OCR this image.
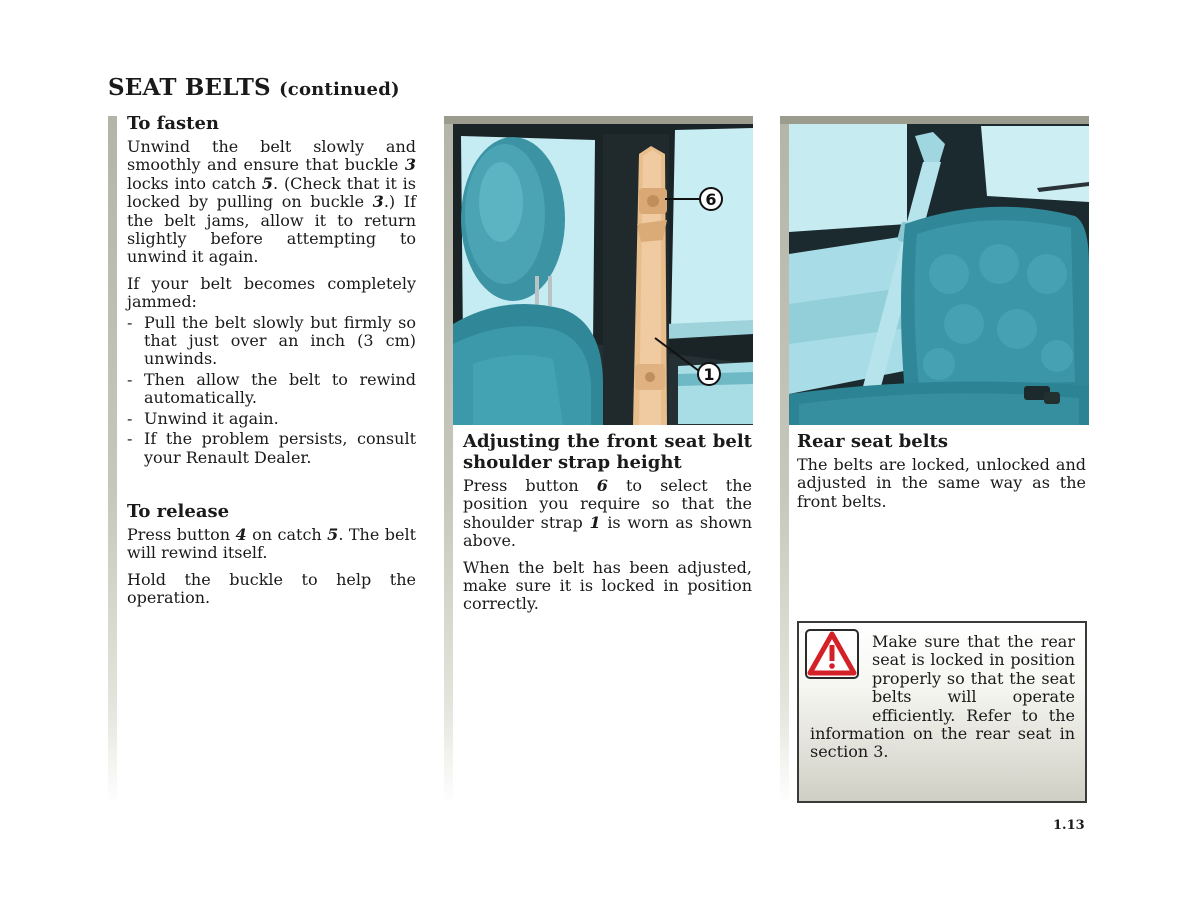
SEAT BELTS (continued)
To fasten

Unwind the belt slowly and smoothly and ensure that buckle 3 locks into catch 5. (Check that it is locked by pulling on buckle 3.) If the belt jams, allow it to return slightly before attempting to unwind it again.

If your belt becomes completely jammed:

- Pull the belt slowly but firmly so that just over an inch (3 cm) unwinds.
- Then allow the belt to rewind automatically.
- Unwind it again.
- If the problem persists, consult your Renault Dealer.
To release

Press button 4 on catch 5. The belt will rewind itself.

Hold the buckle to help the operation.

6
1
Adjusting the front seat belt shoulder strap height

Press button 6 to select the position you require so that the shoulder strap 1 is worn as shown above.

When the belt has been adjusted, make sure it is locked in position correctly.

Rear seat belts

The belts are locked, unlocked and adjusted in the same way as the front belts.

Make sure that the rear seat is locked in position properly so that the seat belts will operate efficiently. Refer to the information on the rear seat in section 3.
1.13
